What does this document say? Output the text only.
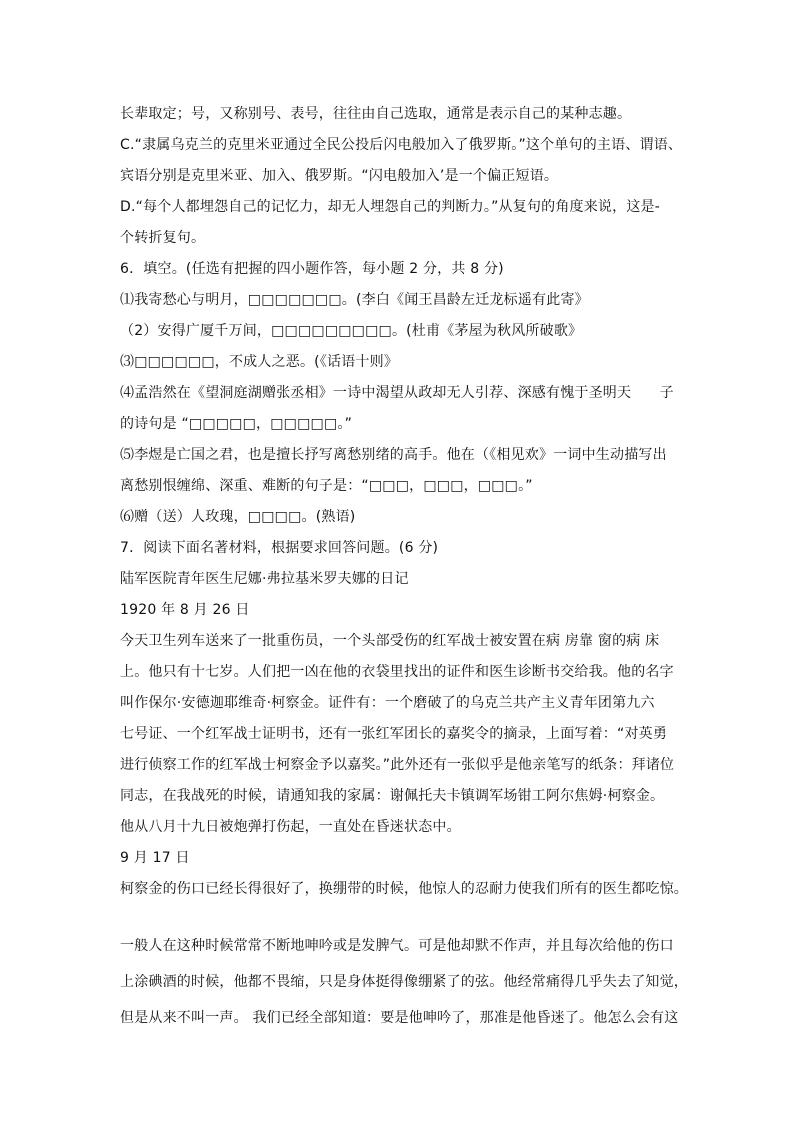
长辈取定；号，又称别号、表号，往往由自己选取，通常是表示自己的某种志趣。
C.“隶属乌克兰的克里米亚通过全民公投后闪电般加入了俄罗斯。”这个单句的主语、谓语、
宾语分别是克里米亚、加入、俄罗斯。“闪电般加入’是一个偏正短语。
D.“每个人都埋怨自己的记忆力，却无人埋怨自己的判断力。”从复句的角度来说，这是-
个转折复句。
6．填空。(任选有把握的四小题作答，每小题 2 分，共 8 分)
⑴我寄愁心与明月，□□□□□□□。(李白《闻王昌龄左迁龙标遥有此寄》
（2）安得广厦千万间，□□□□□□□□□。(杜甫《茅屋为秋风所破歌》
⑶□□□□□□，不成人之恶。(《话语十则》
⑷孟浩然在《望洞庭湖赠张丞相》一诗中渴望从政却无人引荐、深感有愧于圣明天　　子
的诗句是 “□□□□□，□□□□□。”
⑸李煜是亡国之君，也是擅长抒写离愁别绪的高手。他在（《相见欢》一词中生动描写出
离愁别恨缠绵、深重、难断的句子是：“□□□，□□□，□□□。”
⑹赠（送）人玫瑰，□□□□。(熟语)
7．阅读下面名著材料，根据要求回答问题。(6 分)
陆军医院青年医生尼娜·弗拉基米罗夫娜的日记
1920 年 8 月 26 日
今天卫生列车送来了一批重伤员，一个头部受伤的红军战士被安置在病 房靠 窗的病 床
上。他只有十七岁。人们把一凶在他的衣袋里找出的证件和医生诊断书交给我。他的名字
叫作保尔·安德迦耶维奇·柯察金。证件有：一个磨破了的乌克兰共产主义青年团第九六
七号证、一个红军战士证明书，还有一张红军团长的嘉奖令的摘录，上面写着：“对英勇
进行侦察工作的红军战士柯察金予以嘉奖。”此外还有一张似乎是他亲笔写的纸条：拜诸位
同志，在我战死的时候，请通知我的家属：谢佩托夫卡镇调军场钳工阿尔焦姆·柯察金。
他从八月十九日被炮弹打伤起，一直处在昏迷状态中。
9 月 17 日
柯察金的伤口已经长得很好了，换绷带的时候，他惊人的忍耐力使我们所有的医生都吃惊。
一般人在这种时候常常不断地呻吟或是发脾气。可是他却默不作声，并且每次给他的伤口
上涂碘酒的时候，他都不畏缩，只是身体挺得像绷紧了的弦。他经常痛得几乎失去了知觉，
但是从来不叫一声。 我们已经全部知道：要是他呻吟了，那准是他昏迷了。他怎么会有这
